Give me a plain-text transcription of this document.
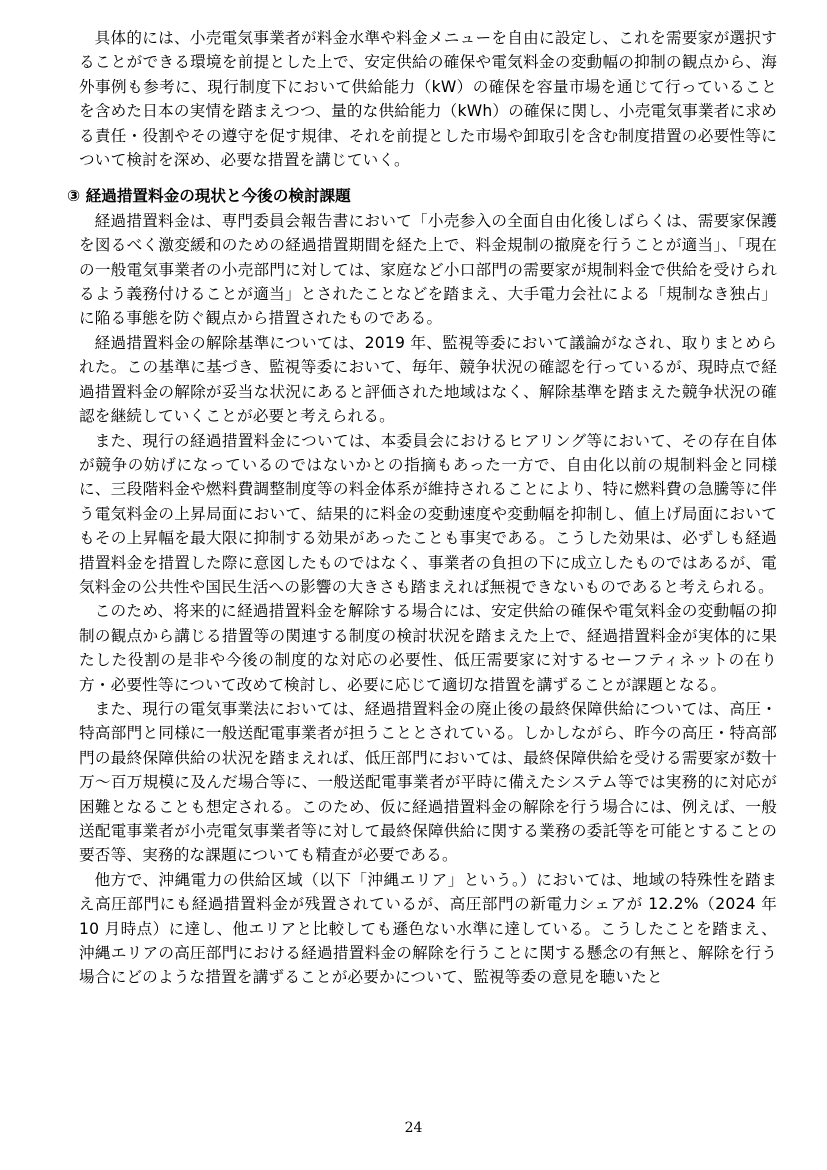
具体的には、小売電気事業者が料金水準や料金メニューを自由に設定し、これを需要家が選択することができる環境を前提とした上で、安定供給の確保や電気料金の変動幅の抑制の観点から、海外事例も参考に、現行制度下において供給能力（kW）の確保を容量市場を通じて行っていることを含めた日本の実情を踏まえつつ、量的な供給能力（kWh）の確保に関し、小売電気事業者に求める責任・役割やその遵守を促す規律、それを前提とした市場や卸取引を含む制度措置の必要性等について検討を深め、必要な措置を講じていく。

③ 経過措置料金の現状と今後の検討課題

経過措置料金は、専門委員会報告書において「小売参入の全面自由化後しばらくは、需要家保護を図るべく激変緩和のための経過措置期間を経た上で、料金規制の撤廃を行うことが適当」、「現在の一般電気事業者の小売部門に対しては、家庭など小口部門の需要家が規制料金で供給を受けられるよう義務付けることが適当」とされたことなどを踏まえ、大手電力会社による「規制なき独占」に陥る事態を防ぐ観点から措置されたものである。

経過措置料金の解除基準については、2019 年、監視等委において議論がなされ、取りまとめられた。この基準に基づき、監視等委において、毎年、競争状況の確認を行っているが、現時点で経過措置料金の解除が妥当な状況にあると評価された地域はなく、解除基準を踏まえた競争状況の確認を継続していくことが必要と考えられる。

また、現行の経過措置料金については、本委員会におけるヒアリング等において、その存在自体が競争の妨げになっているのではないかとの指摘もあった一方で、自由化以前の規制料金と同様に、三段階料金や燃料費調整制度等の料金体系が維持されることにより、特に燃料費の急騰等に伴う電気料金の上昇局面において、結果的に料金の変動速度や変動幅を抑制し、値上げ局面においてもその上昇幅を最大限に抑制する効果があったことも事実である。こうした効果は、必ずしも経過措置料金を措置した際に意図したものではなく、事業者の負担の下に成立したものではあるが、電気料金の公共性や国民生活への影響の大きさも踏まえれば無視できないものであると考えられる。

このため、将来的に経過措置料金を解除する場合には、安定供給の確保や電気料金の変動幅の抑制の観点から講じる措置等の関連する制度の検討状況を踏まえた上で、経過措置料金が実体的に果たした役割の是非や今後の制度的な対応の必要性、低圧需要家に対するセーフティネットの在り方・必要性等について改めて検討し、必要に応じて適切な措置を講ずることが課題となる。

また、現行の電気事業法においては、経過措置料金の廃止後の最終保障供給については、高圧・特高部門と同様に一般送配電事業者が担うこととされている。しかしながら、昨今の高圧・特高部門の最終保障供給の状況を踏まえれば、低圧部門においては、最終保障供給を受ける需要家が数十万～百万規模に及んだ場合等に、一般送配電事業者が平時に備えたシステム等では実務的に対応が困難となることも想定される。このため、仮に経過措置料金の解除を行う場合には、例えば、一般送配電事業者が小売電気事業者等に対して最終保障供給に関する業務の委託等を可能とすることの要否等、実務的な課題についても精査が必要である。

他方で、沖縄電力の供給区域（以下「沖縄エリア」という。）においては、地域の特殊性を踏まえ高圧部門にも経過措置料金が残置されているが、高圧部門の新電力シェアが 12.2%（2024 年 10 月時点）に達し、他エリアと比較しても遜色ない水準に達している。こうしたことを踏まえ、沖縄エリアの高圧部門における経過措置料金の解除を行うことに関する懸念の有無と、解除を行う場合にどのような措置を講ずることが必要かについて、監視等委の意見を聴いたと

24
